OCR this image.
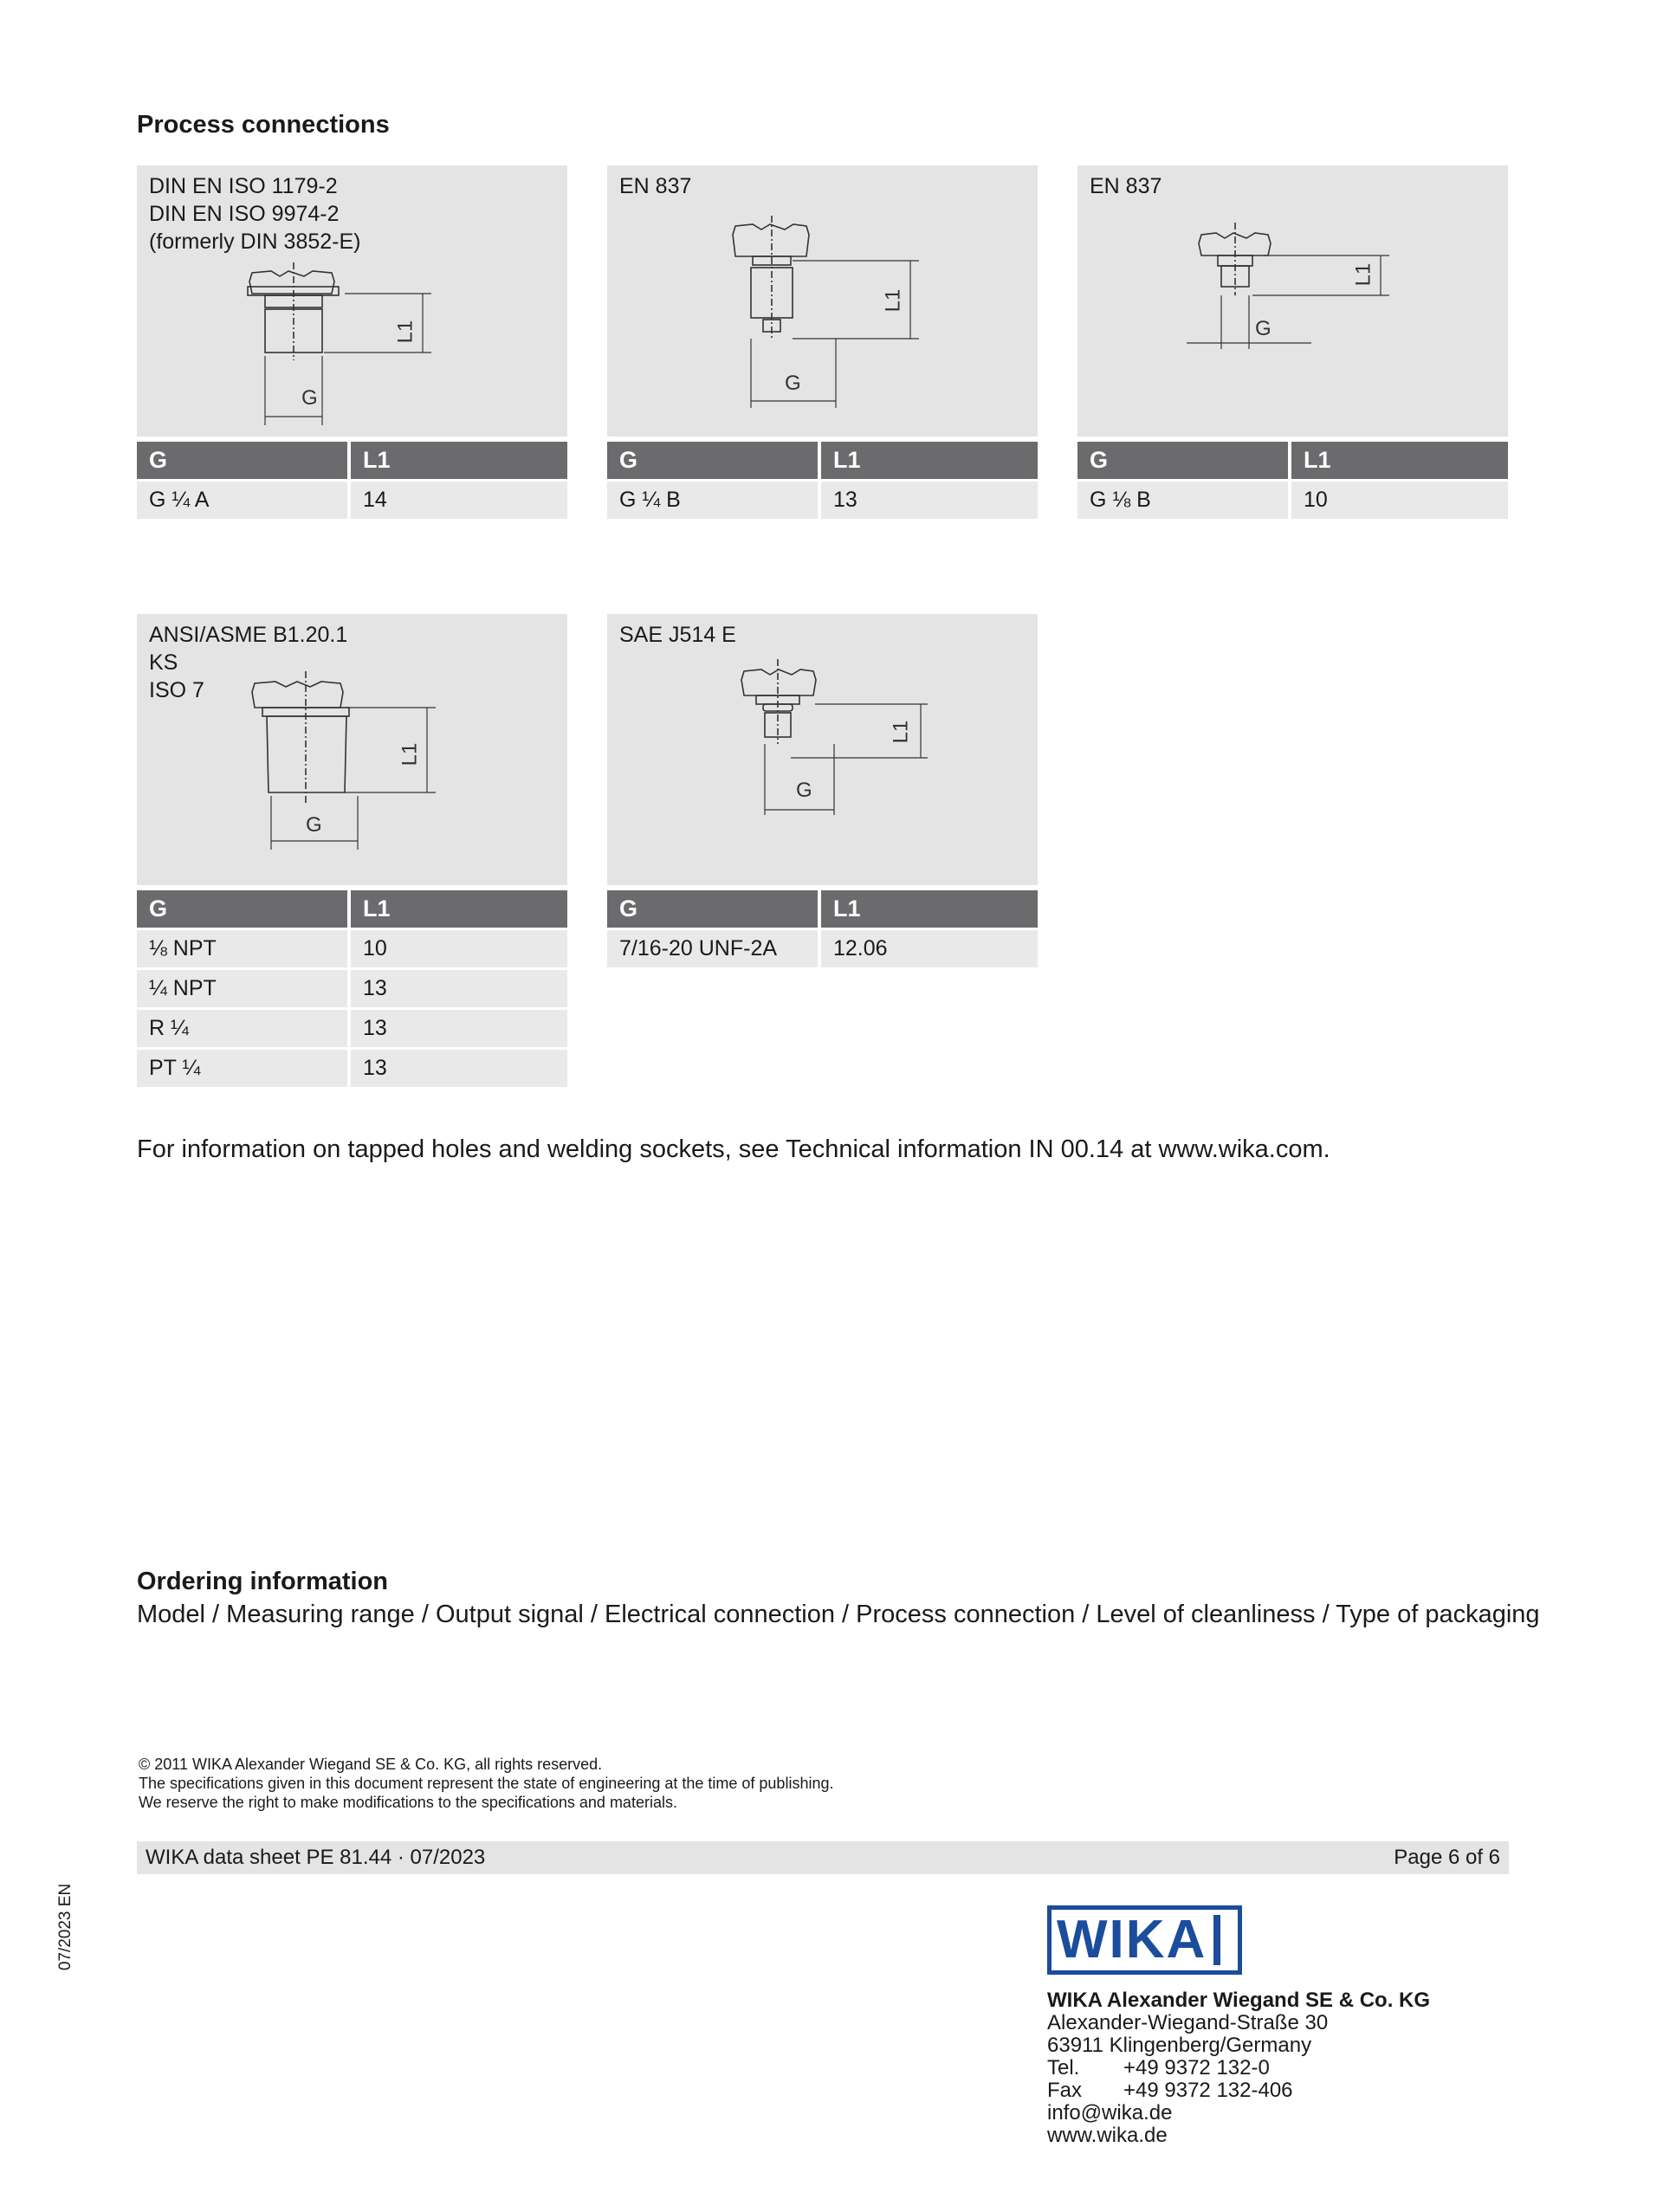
Process connections
DIN EN ISO 1179-2
DIN EN ISO 9974-2
(formerly DIN 3852-E)
L1
G
G	L1
G ¼ A	14
EN 837
L1
G
G	L1
G ¼ B	13
EN 837
L1
G
G	L1
G ⅛ B	10
ANSI/ASME B1.20.1
KS
ISO 7
L1
G
G	L1
⅛ NPT	10
¼ NPT	13
R ¼	13
PT ¼	13
SAE J514 E
L1
G
G	L1
7/16-20 UNF-2A	12.06
For information on tapped holes and welding sockets, see Technical information IN 00.14 at www.wika.com.
Ordering information
Model / Measuring range / Output signal / Electrical connection / Process connection / Level of cleanliness / Type of packaging
© 2011 WIKA Alexander Wiegand SE & Co. KG, all rights reserved.
The specifications given in this document represent the state of engineering at the time of publishing.
We reserve the right to make modifications to the specifications and materials.
WIKA data sheet PE 81.44 · 07/2023	Page 6 of 6
07/2023 EN	WIKA
WIKA Alexander Wiegand SE & Co. KG
Alexander-Wiegand-Straße 30
63911 Klingenberg/Germany
Tel.	+49 9372 132-0
Fax	+49 9372 132-406
info@wika.de
www.wika.de
